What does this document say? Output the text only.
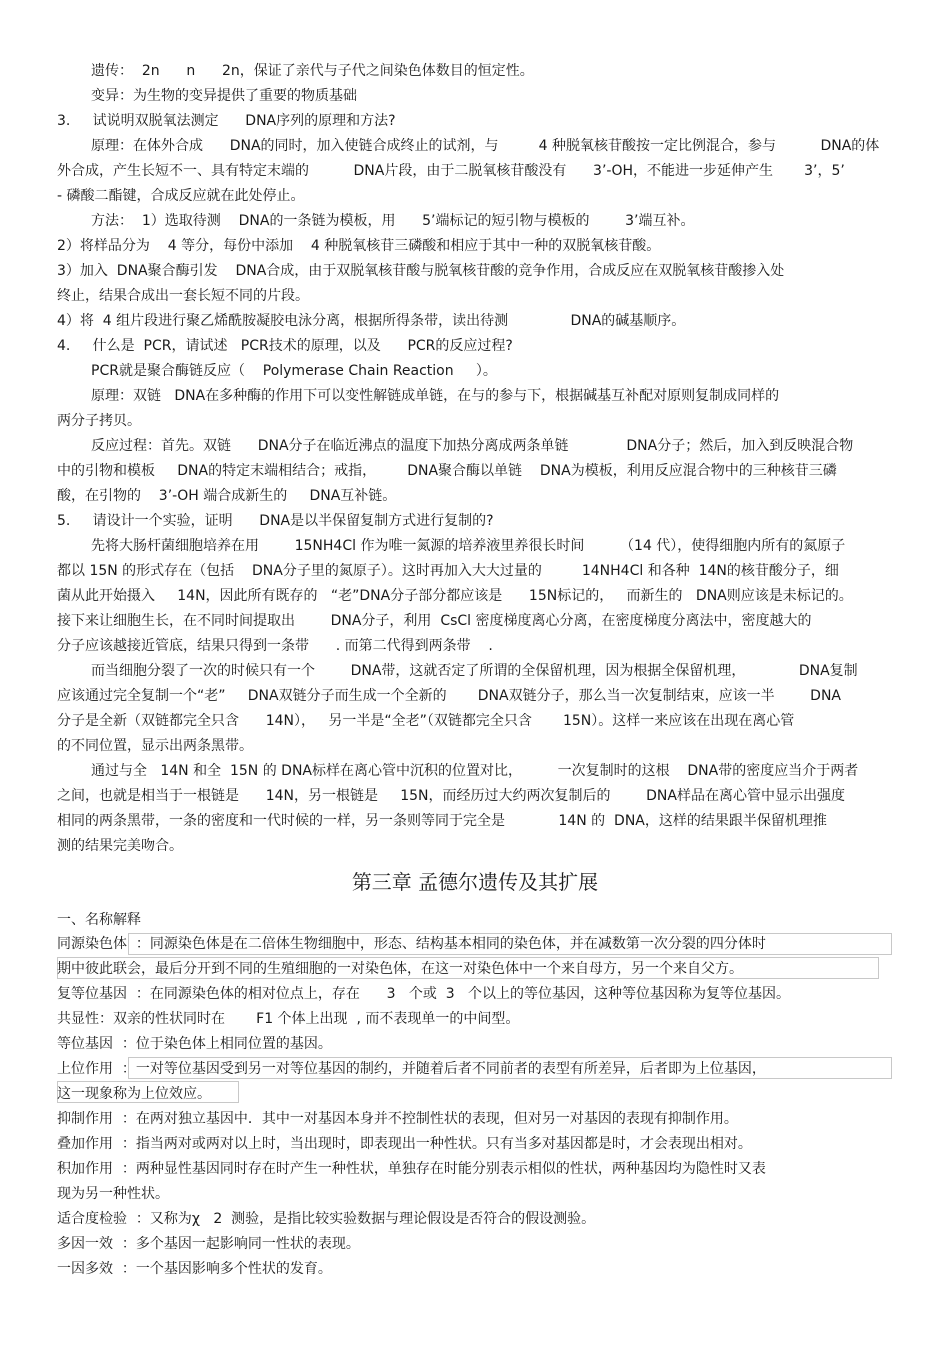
遗传：  2n      n      2n，保证了亲代与子代之间染色体数目的恒定性。
变异：为生物的变异提供了重要的物质基础
3.     试说明双脱氧法测定      DNA序列的原理和方法?
原理：在体外合成      DNA的同时，加入使链合成终止的试剂，与         4 种脱氧核苷酸按一定比例混合，参与          DNA的体
外合成，产生长短不一、具有特定末端的          DNA片段，由于二脱氧核苷酸没有      3’-OH，不能进一步延伸产生       3’，5’
- 磷酸二酯键，合成反应就在此处停止。
方法：  1）选取待测    DNA的一条链为模板，用      5’端标记的短引物与模板的        3’端互补。
2）将样品分为    4 等分，每份中添加    4 种脱氧核苷三磷酸和相应于其中一种的双脱氧核苷酸。
3）加入  DNA聚合酶引发    DNA合成，由于双脱氧核苷酸与脱氧核苷酸的竞争作用，合成反应在双脱氧核苷酸掺入处
终止，结果合成出一套长短不同的片段。
4）将  4 组片段进行聚乙烯酰胺凝胶电泳分离，根据所得条带，读出待测              DNA的碱基顺序。
4.     什么是  PCR，请试述   PCR技术的原理，以及      PCR的反应过程?
PCR就是聚合酶链反应（    Polymerase Chain Reaction     ）。
原理：双链   DNA在多种酶的作用下可以变性解链成单链，在与的参与下，根据碱基互补配对原则复制成同样的
两分子拷贝。
反应过程：首先。双链      DNA分子在临近沸点的温度下加热分离成两条单链             DNA分子；然后，加入到反映混合物
中的引物和模板     DNA的特定末端相结合；戒指，       DNA聚合酶以单链    DNA为模板，利用反应混合物中的三种核苷三磷
酸，在引物的    3’-OH 端合成新生的     DNA互补链。
5.     请设计一个实验，证明      DNA是以半保留复制方式进行复制的?
先将大肠杆菌细胞培养在用        15NH4Cl 作为唯一氮源的培养液里养很长时间        （14 代），使得细胞内所有的氮原子
都以 15N 的形式存在（包括    DNA分子里的氮原子）。这时再加入大大过量的         14NH4Cl 和各种  14N的核苷酸分子，细
菌从此开始摄入     14N，因此所有既存的   “老”DNA分子部分都应该是      15N标记的，   而新生的   DNA则应该是未标记的。
接下来让细胞生长，在不同时间提取出        DNA分子，利用  CsCl 密度梯度离心分离，在密度梯度分离法中，密度越大的
分子应该越接近管底，结果只得到一条带      . 而第二代得到两条带    .
而当细胞分裂了一次的时候只有一个        DNA带，这就否定了所谓的全保留机理，因为根据全保留机理，            DNA复制
应该通过完全复制一个“老”     DNA双链分子而生成一个全新的       DNA双链分子，那么当一次复制结束，应该一半        DNA
分子是全新（双链都完全只含      14N），   另一半是“全老”（双链都完全只含       15N）。这样一来应该在出现在离心管
的不同位置，显示出两条黑带。
通过与全   14N 和全  15N 的 DNA标样在离心管中沉积的位置对比，        一次复制时的这根    DNA带的密度应当介于两者
之间，也就是相当于一根链是      14N，另一根链是     15N，而经历过大约两次复制后的        DNA样品在离心管中显示出强度
相同的两条黑带，一条的密度和一代时候的一样，另一条则等同于完全是            14N 的  DNA，这样的结果跟半保留机理推
测的结果完美吻合。
第三章 孟德尔遗传及其扩展
一、名称解释
同源染色体  ：同源染色体是在二倍体生物细胞中，形态、结构基本相同的染色体，并在减数第一次分裂的四分体时
期中彼此联会，最后分开到不同的生殖细胞的一对染色体，在这一对染色体中一个来自母方，另一个来自父方。
复等位基因  ：在同源染色体的相对位点上，存在      3   个或  3   个以上的等位基因，这种等位基因称为复等位基因。
共显性：双亲的性状同时在       F1 个体上出现  , 而不表现单一的中间型。
等位基因  ：位于染色体上相同位置的基因。
上位作用  ：一对等位基因受到另一对等位基因的制约，并随着后者不同前者的表型有所差异，后者即为上位基因，
这一现象称为上位效应。
抑制作用  ：在两对独立基因中．其中一对基因本身并不控制性状的表现，但对另一对基因的表现有抑制作用。
叠加作用  ：指当两对或两对以上时，当出现时，即表现出一种性状。只有当多对基因都是时，才会表现出相对。
积加作用  ：两种显性基因同时存在时产生一种性状，单独存在时能分别表示相似的性状，两种基因均为隐性时又表
现为另一种性状。
适合度检验  ：又称为χ   2  测验，是指比较实验数据与理论假设是否符合的假设测验。
多因一效  ：多个基因一起影响同一性状的表现。
一因多效  ：一个基因影响多个性状的发育。
